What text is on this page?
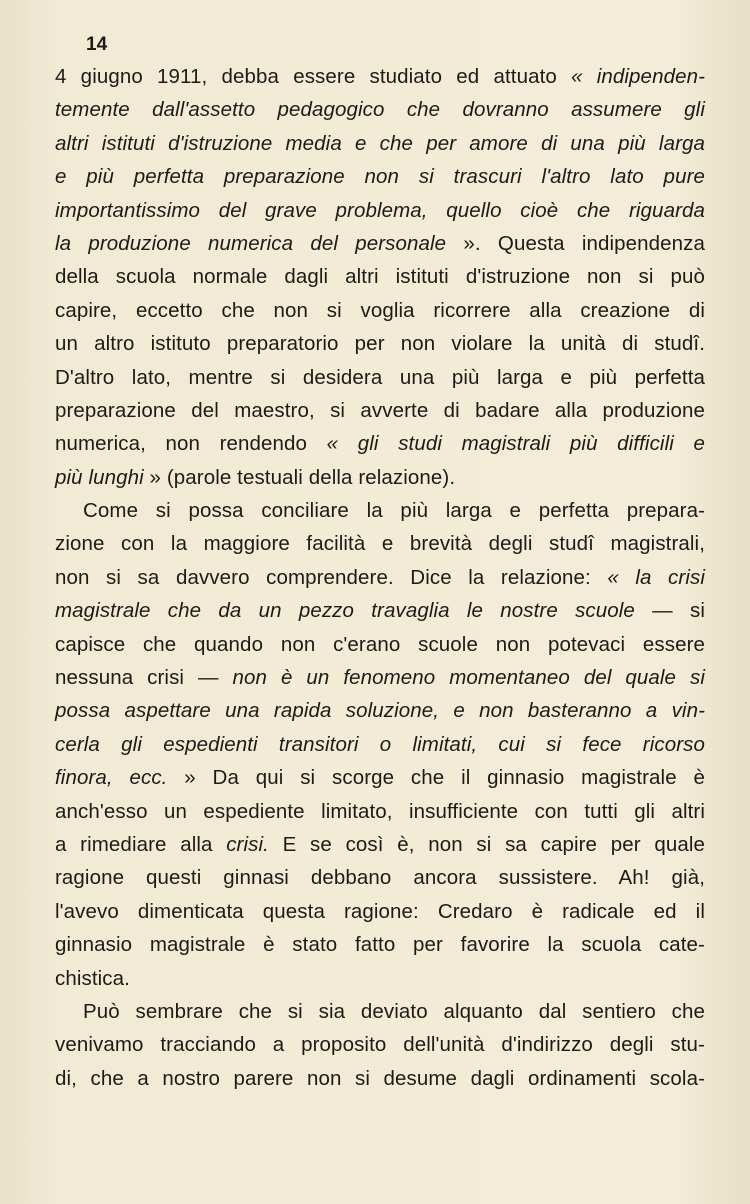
14
4 giugno 1911, debba essere studiato ed attuato « indipenden-
temente dall'assetto pedagogico che dovranno assumere gli
altri istituti d'istruzione media e che per amore di una più larga
e più perfetta preparazione non si trascuri l'altro lato pure
importantissimo del grave problema, quello cioè che riguarda
la produzione numerica del personale ». Questa indipendenza
della scuola normale dagli altri istituti d'istruzione non si può
capire, eccetto che non si voglia ricorrere alla creazione di
un altro istituto preparatorio per non violare la unità di studî.
D'altro lato, mentre si desidera una più larga e più perfetta
preparazione del maestro, si avverte di badare alla produzione
numerica, non rendendo « gli studi magistrali più difficili e
più lunghi » (parole testuali della relazione).
Come si possa conciliare la più larga e perfetta prepara-
zione con la maggiore facilità e brevità degli studî magistrali,
non si sa davvero comprendere. Dice la relazione: « la crisi
magistrale che da un pezzo travaglia le nostre scuole — si
capisce che quando non c'erano scuole non potevaci essere
nessuna crisi — non è un fenomeno momentaneo del quale si
possa aspettare una rapida soluzione, e non basteranno a vin-
cerla gli espedienti transitori o limitati, cui si fece ricorso
finora, ecc. » Da qui si scorge che il ginnasio magistrale è
anch'esso un espediente limitato, insufficiente con tutti gli altri
a rimediare alla crisi. E se così è, non si sa capire per quale
ragione questi ginnasi debbano ancora sussistere. Ah! già,
l'avevo dimenticata questa ragione: Credaro è radicale ed il
ginnasio magistrale è stato fatto per favorire la scuola cate-
chistica.
Può sembrare che si sia deviato alquanto dal sentiero che
venivamo tracciando a proposito dell'unità d'indirizzo degli stu-
di, che a nostro parere non si desume dagli ordinamenti scola-
